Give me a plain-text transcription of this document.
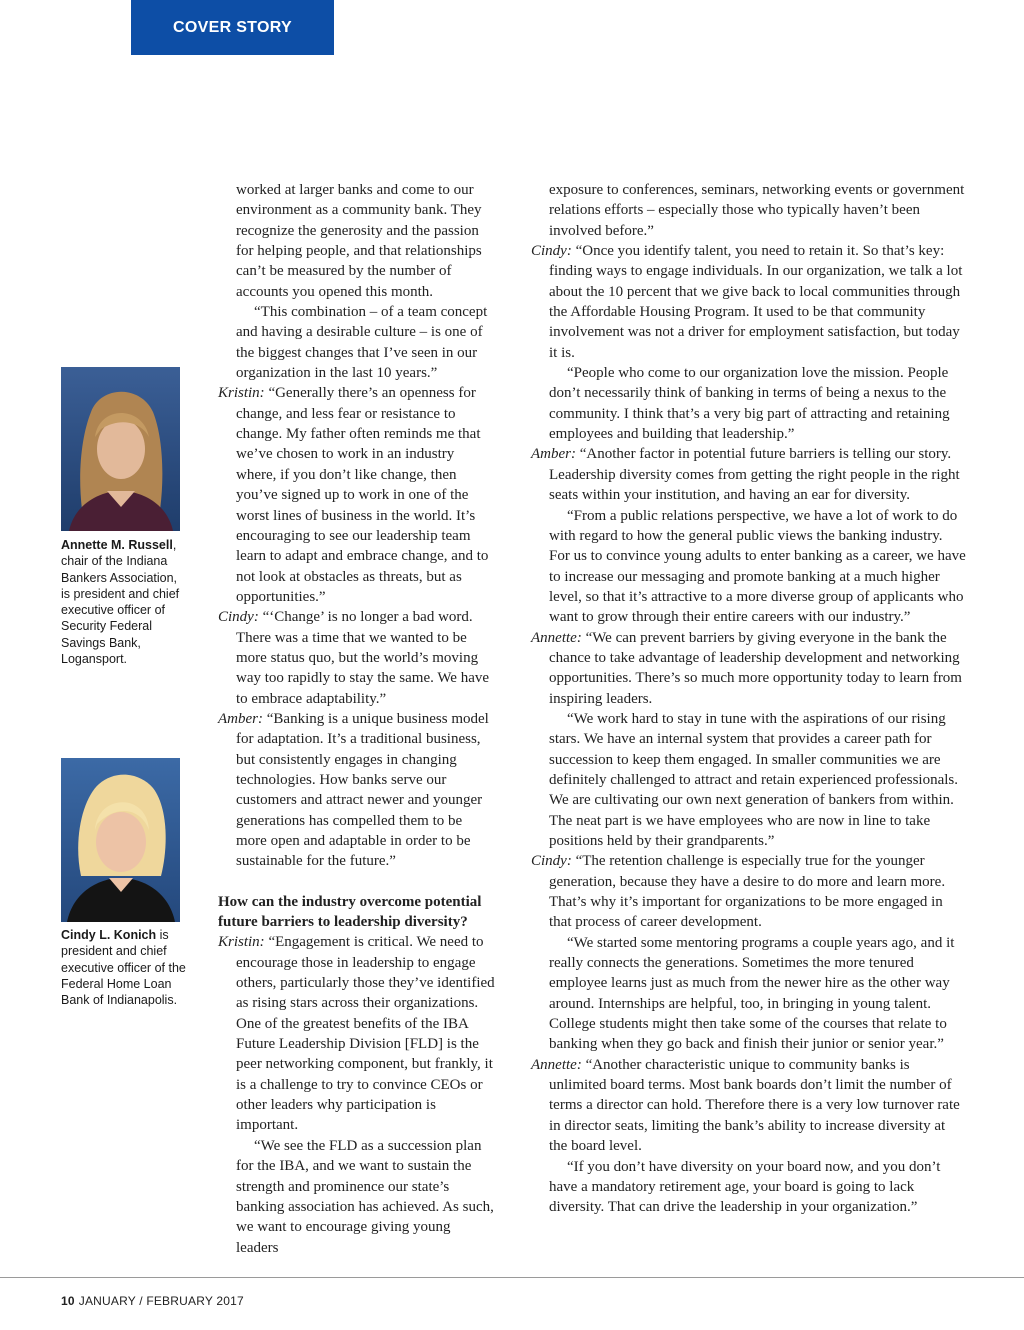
COVER STORY
Annette M. Russell, chair of the Indiana Bankers Association, is president and chief executive officer of Security Federal Savings Bank, Logansport.
Cindy L. Konich is president and chief executive officer of the Federal Home Loan Bank of Indianapolis.

worked at larger banks and come to our environment as a community bank. They recognize the generosity and the passion for helping people, and that relationships can’t be measured by the number of accounts you opened this month.

“This combination – of a team concept and having a desirable culture – is one of the biggest changes that I’ve seen in our organization in the last 10 years.”

Kristin: “Generally there’s an openness for change, and less fear or resistance to change. My father often reminds me that we’ve chosen to work in an industry where, if you don’t like change, then you’ve signed up to work in one of the worst lines of business in the world. It’s encouraging to see our leadership team learn to adapt and embrace change, and to not look at obstacles as threats, but as opportunities.”

Cindy: “‘Change’ is no longer a bad word. There was a time that we wanted to be more status quo, but the world’s moving way too rapidly to stay the same. We have to embrace adaptability.”

Amber: “Banking is a unique business model for adaptation. It’s a traditional business, but consistently engages in changing technologies. How banks serve our customers and attract newer and younger generations has compelled them to be more open and adaptable in order to be sustainable for the future.”

How can the industry overcome potential future barriers to leadership diversity?

Kristin: “Engagement is critical. We need to encourage those in leadership to engage others, particularly those they’ve identified as rising stars across their organizations. One of the greatest benefits of the IBA Future Leadership Division [FLD] is the peer networking component, but frankly, it is a challenge to try to convince CEOs or other leaders why participation is important.

“We see the FLD as a succession plan for the IBA, and we want to sustain the strength and prominence our state’s banking association has achieved. As such, we want to encourage giving young leaders

exposure to conferences, seminars, networking events or government relations efforts – especially those who typically haven’t been involved before.”

Cindy: “Once you identify talent, you need to retain it. So that’s key: finding ways to engage individuals. In our organization, we talk a lot about the 10 percent that we give back to local communities through the Affordable Housing Program. It used to be that community involvement was not a driver for employment satisfaction, but today it is.

“People who come to our organization love the mission. People don’t necessarily think of banking in terms of being a nexus to the community. I think that’s a very big part of attracting and retaining employees and building that leadership.”

Amber: “Another factor in potential future barriers is telling our story. Leadership diversity comes from getting the right people in the right seats within your institution, and having an ear for diversity.

“From a public relations perspective, we have a lot of work to do with regard to how the general public views the banking industry. For us to convince young adults to enter banking as a career, we have to increase our messaging and promote banking at a much higher level, so that it’s attractive to a more diverse group of applicants who want to grow through their entire careers with our industry.”

Annette: “We can prevent barriers by giving everyone in the bank the chance to take advantage of leadership development and networking opportunities. There’s so much more opportunity today to learn from inspiring leaders.

“We work hard to stay in tune with the aspirations of our rising stars. We have an internal system that provides a career path for succession to keep them engaged. In smaller communities we are definitely challenged to attract and retain experienced professionals. We are cultivating our own next generation of bankers from within. The neat part is we have employees who are now in line to take positions held by their grandparents.”

Cindy: “The retention challenge is especially true for the younger generation, because they have a desire to do more and learn more. That’s why it’s important for organizations to be more engaged in that process of career development.

“We started some mentoring programs a couple years ago, and it really connects the generations. Sometimes the more tenured employee learns just as much from the newer hire as the other way around. Internships are helpful, too, in bringing in young talent. College students might then take some of the courses that relate to banking when they go back and finish their junior or senior year.”

Annette: “Another characteristic unique to community banks is unlimited board terms. Most bank boards don’t limit the number of terms a director can hold. Therefore there is a very low turnover rate in director seats, limiting the bank’s ability to increase diversity at the board level.

“If you don’t have diversity on your board now, and you don’t have a mandatory retirement age, your board is going to lack diversity. That can drive the leadership in your organization.”

10 JANUARY / FEBRUARY 2017
